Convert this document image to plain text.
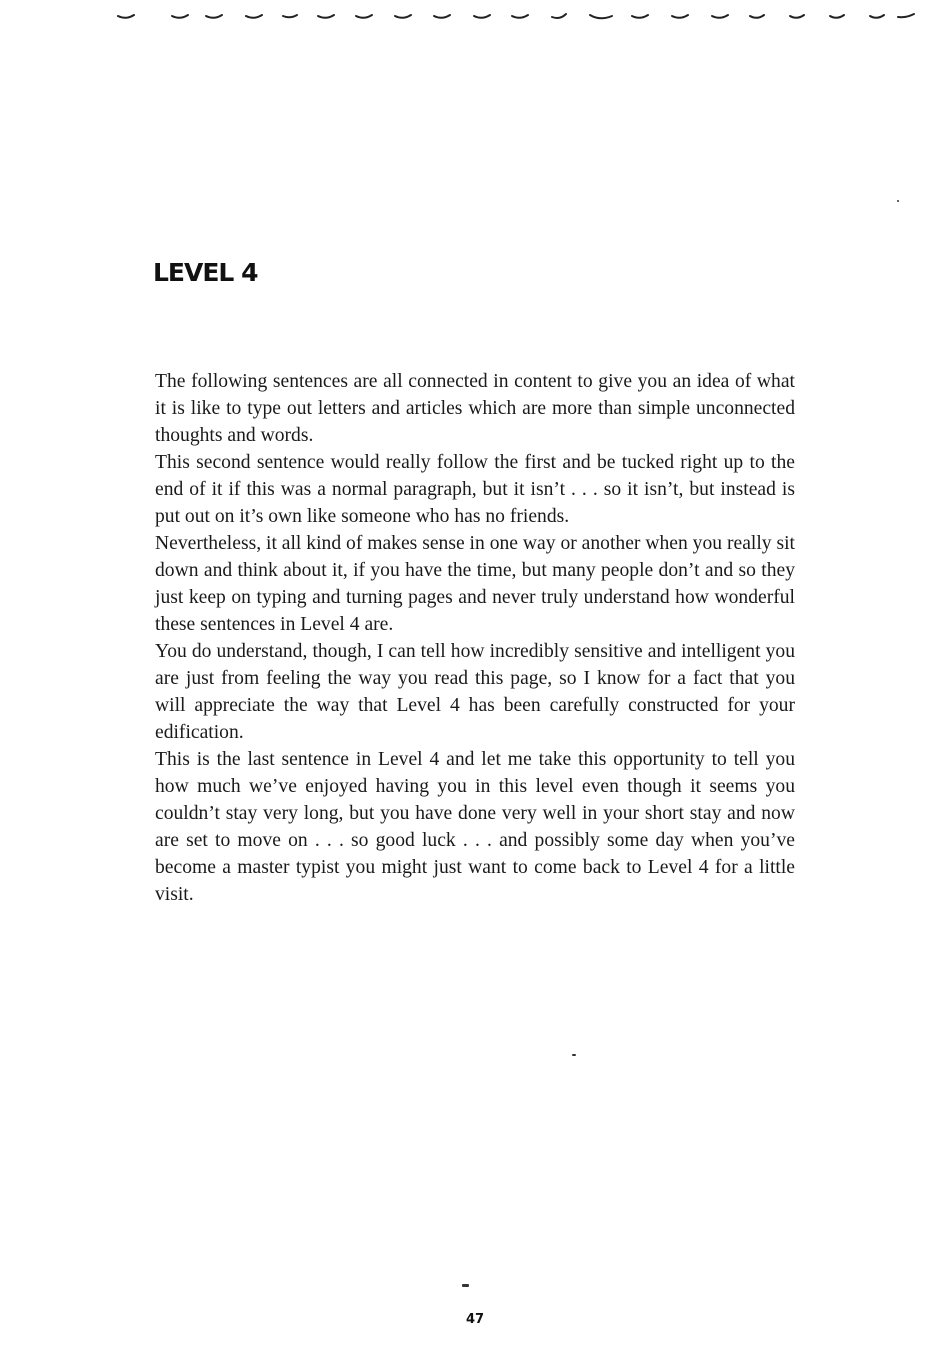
LEVEL 4

The following sentences are all connected in content to give you an idea of what it is like to type out letters and articles which are more than simple unconnected thoughts and words.

This second sentence would really follow the first and be tucked right up to the end of it if this was a normal paragraph, but it isn’t . . . so it isn’t, but instead is put out on it’s own like someone who has no friends.

Nevertheless, it all kind of makes sense in one way or another when you really sit down and think about it, if you have the time, but many people don’t and so they just keep on typing and turning pages and never truly understand how wonderful these sentences in Level 4 are.

You do understand, though, I can tell how incredibly sensitive and intelligent you are just from feeling the way you read this page, so I know for a fact that you will appreciate the way that Level 4 has been carefully constructed for your edification.

This is the last sentence in Level 4 and let me take this opportunity to tell you how much we’ve enjoyed having you in this level even though it seems you couldn’t stay very long, but you have done very well in your short stay and now are set to move on . . . so good luck . . . and possibly some day when you’ve become a master typist you might just want to come back to Level 4 for a little visit.

47
